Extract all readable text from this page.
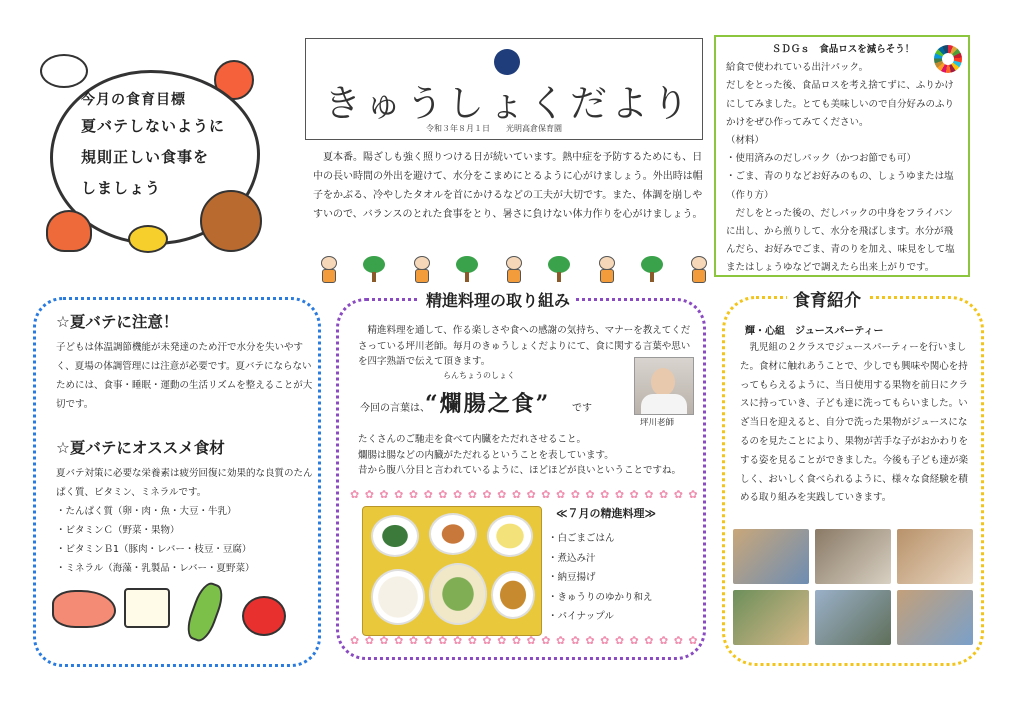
今月の食育目標
夏バテしないように
規則正しい食事を
しましょう
きゅうしょくだより
令和３年８月１日　　光明高倉保育園
夏本番。陽ざしも強く照りつける日が続いています。熱中症を予防するためにも、日中の長い時間の外出を避けて、水分をこまめにとるように心がけましょう。外出時は帽子をかぶる、冷やしたタオルを首にかけるなどの工夫が大切です。また、体調を崩しやすいので、バランスのとれた食事をとり、暑さに負けない体力作りを心がけましょう。
ＳＤＧｓ　食品ロスを減らそう！

給食で使われている出汁パック。

だしをとった後、食品ロスを考え捨てずに、ふりかけ

にしてみました。とても美味しいので自分好みのふり

かけをぜひ作ってみてください。

（材料）

・使用済みのだしパック（かつお節でも可）

・ごま、青のりなどお好みのもの、しょうゆまたは塩

（作り方）

　だしをとった後の、だしパックの中身をフライパン

に出し、から煎りして、水分を飛ばします。水分が飛

んだら、お好みでごま、青のりを加え、味見をして塩

またはしょうゆなどで調えたら出来上がりです。

☆夏バテに注意！
子どもは体温調節機能が未発達のため汗で水分を失いやすく、夏場の体調管理には注意が必要です。夏バテにならないためには、食事・睡眠・運動の生活リズムを整えることが大切です。
☆夏バテにオススメ食材
夏バテ対策に必要な栄養素は疲労回復に効果的な良質のたんぱく質、ビタミン、ミネラルです。
・たんぱく質（卵・肉・魚・大豆・牛乳）
・ビタミンＣ（野菜・果物）
・ビタミンＢ1（豚肉・レバー・枝豆・豆腐）
・ミネラル（海藻・乳製品・レバー・夏野菜）
精進料理の取り組み
精進料理を通して、作る楽しさや食への感謝の気持ち、マナーを教えてくださっている坪川老師。毎月のきゅうしょくだよりにて、食に関する言葉や思いを四字熟語で伝えて頂きます。
らんちょうのしょく
今回の言葉は、
“爛腸之食” です
坪川老師
たくさんのご馳走を食べて内臓をただれさせること。
爛腸は腸などの内臓がただれるということを表しています。
昔から腹八分目と言われているように、ほどほどが良いということですね。
✿ ✿ ✿ ✿ ✿ ✿ ✿ ✿ ✿ ✿ ✿ ✿ ✿ ✿ ✿ ✿ ✿ ✿ ✿ ✿ ✿ ✿ ✿ ✿
≪７月の精進料理≫
・白ごまごはん
・煮込み汁
・納豆揚げ
・きゅうりのゆかり和え
・パイナップル
✿ ✿ ✿ ✿ ✿ ✿ ✿ ✿ ✿ ✿ ✿ ✿ ✿ ✿ ✿ ✿ ✿ ✿ ✿ ✿ ✿ ✿ ✿ ✿
食育紹介
輝・心組　ジュースパーティー
乳児組の２クラスでジュースパーティーを行いました。食材に触れあうことで、少しでも興味や関心を持ってもらえるように、当日使用する果物を前日にクラスに持っていき、子ども達に洗ってもらいました。いざ当日を迎えると、自分で洗った果物がジュースになるのを見たことにより、果物が苦手な子がおかわりをする姿を見ることができました。今後も子ども達が楽しく、おいしく食べられるように、様々な食経験を積める取り組みを実践していきます。
